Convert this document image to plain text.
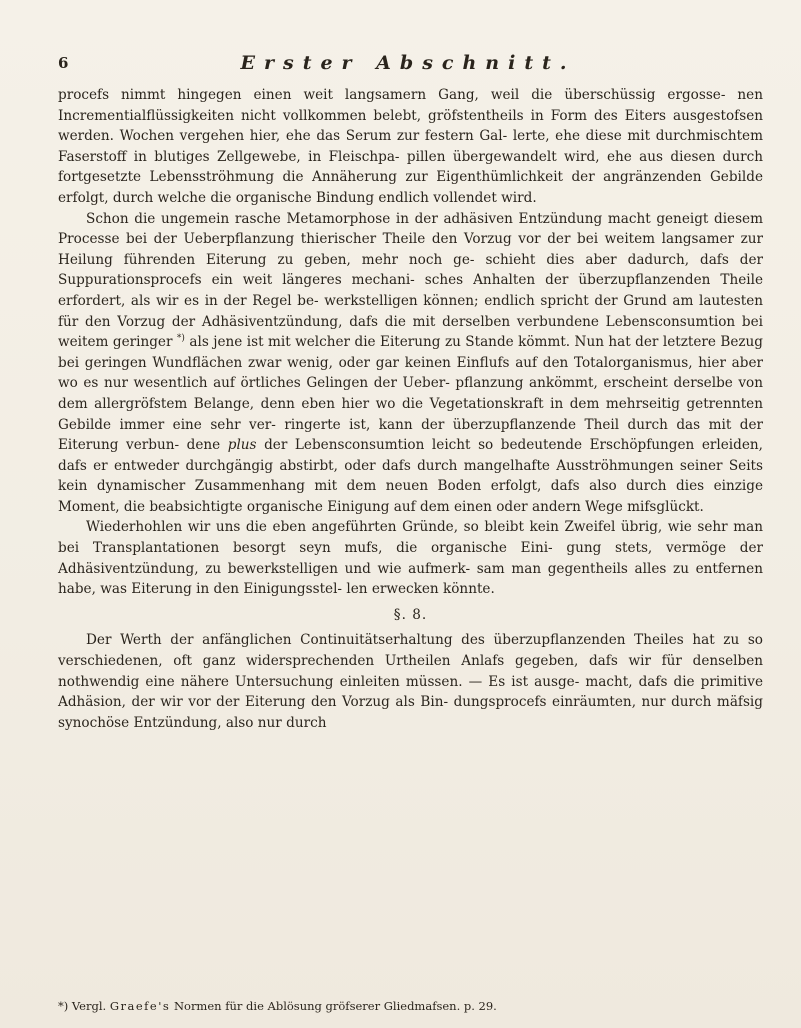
6	Erster Abschnitt.

procefs nimmt hingegen einen weit langsamern Gang, weil die überschüssig ergosse- nen Incrementialflüssigkeiten nicht vollkommen belebt, gröfstentheils in Form des Eiters ausgestofsen werden. Wochen vergehen hier, ehe das Serum zur festern Gal- lerte, ehe diese mit durchmischtem Faserstoff in blutiges Zellgewebe, in Fleischpa- pillen übergewandelt wird, ehe aus diesen durch fortgesetzte Lebensströhmung die Annäherung zur Eigenthümlichkeit der angränzenden Gebilde erfolgt, durch welche die organische Bindung endlich vollendet wird.

Schon die ungemein rasche Metamorphose in der adhäsiven Entzündung macht geneigt diesem Processe bei der Ueberpflanzung thierischer Theile den Vorzug vor der bei weitem langsamer zur Heilung führenden Eiterung zu geben, mehr noch ge- schieht dies aber dadurch, dafs der Suppurationsprocefs ein weit längeres mechani- sches Anhalten der überzupflanzenden Theile erfordert, als wir es in der Regel be- werkstelligen können; endlich spricht der Grund am lautesten für den Vorzug der Adhäsiventzündung, dafs die mit derselben verbundene Lebensconsumtion bei weitem geringer *) als jene ist mit welcher die Eiterung zu Stande kömmt. Nun hat der letztere Bezug bei geringen Wundflächen zwar wenig, oder gar keinen Einflufs auf den Totalorganismus, hier aber wo es nur wesentlich auf örtliches Gelingen der Ueber- pflanzung ankömmt, erscheint derselbe von dem allergröfstem Belange, denn eben hier wo die Vegetationskraft in dem mehrseitig getrennten Gebilde immer eine sehr ver- ringerte ist, kann der überzupflanzende Theil durch das mit der Eiterung verbun- dene plus der Lebensconsumtion leicht so bedeutende Erschöpfungen erleiden, dafs er entweder durchgängig abstirbt, oder dafs durch mangelhafte Ausströhmungen seiner Seits kein dynamischer Zusammenhang mit dem neuen Boden erfolgt, dafs also durch dies einzige Moment, die beabsichtigte organische Einigung auf dem einen oder andern Wege mifsglückt.

Wiederhohlen wir uns die eben angeführten Gründe, so bleibt kein Zweifel übrig, wie sehr man bei Transplantationen besorgt seyn mufs, die organische Eini- gung stets, vermöge der Adhäsiventzündung, zu bewerkstelligen und wie aufmerk- sam man gegentheils alles zu entfernen habe, was Eiterung in den Einigungsstel- len erwecken könnte.

§. 8.

Der Werth der anfänglichen Continuitätserhaltung des überzupflanzenden Theiles hat zu so verschiedenen, oft ganz widersprechenden Urtheilen Anlafs gegeben, dafs wir für denselben nothwendig eine nähere Untersuchung einleiten müssen. — Es ist ausge- macht, dafs die primitive Adhäsion, der wir vor der Eiterung den Vorzug als Bin- dungsprocefs einräumten, nur durch mäfsig synochöse Entzündung, also nur durch

*) Vergl. Graefe's Normen für die Ablösung gröfserer Gliedmafsen. p. 29.
